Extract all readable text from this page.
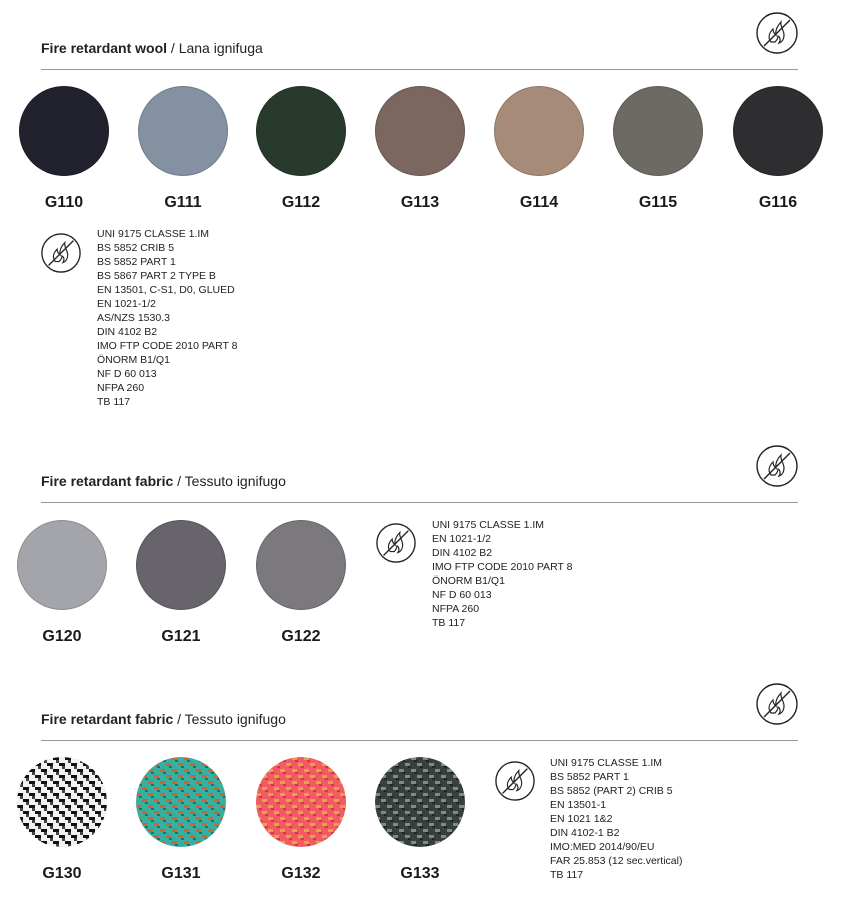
Fire retardant wool / Lana ignifuga
G110	G111	G112	G113	G114	G115	G116
UNI 9175 CLASSE 1.IM
BS 5852 CRIB 5
BS 5852 PART 1
BS 5867 PART 2 TYPE B
EN 13501, C-S1, D0, GLUED
EN 1021-1/2
AS/NZS 1530.3
DIN 4102 B2
IMO FTP CODE 2010 PART 8
ÖNORM B1/Q1
NF D 60 013
NFPA 260
TB 117
Fire retardant fabric / Tessuto ignifugo
G120	G121	G122
UNI 9175 CLASSE 1.IM
EN 1021-1/2
DIN 4102 B2
IMO FTP CODE 2010 PART 8
ÖNORM B1/Q1
NF D 60 013
NFPA 260
TB 117
Fire retardant fabric / Tessuto ignifugo
G130	G131	G132	G133
UNI 9175 CLASSE 1.IM
BS 5852 PART 1
BS 5852 (PART 2) CRIB 5
EN 13501-1
EN 1021 1&2
DIN 4102-1 B2
IMO:MED 2014/90/EU
FAR 25.853 (12 sec.vertical)
TB 117
